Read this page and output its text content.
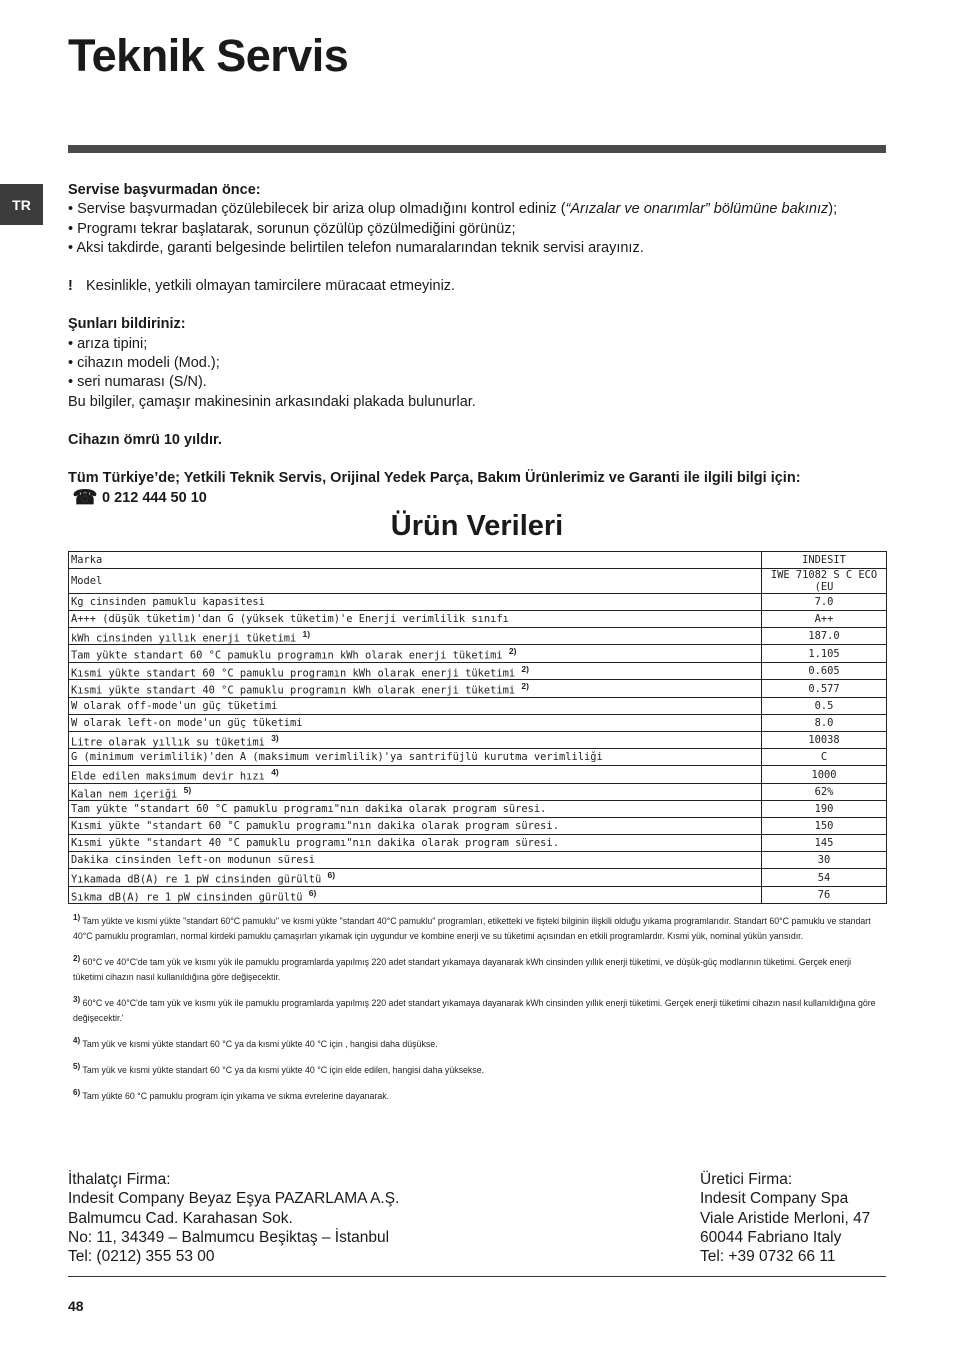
Teknik Servis
TR

Servise başvurmadan önce:

• Servise başvurmadan çözülebilecek bir ariza olup olmadığını kontrol ediniz (“Arızalar ve onarımlar” bölümüne bakınız);

• Programı tekrar başlatarak, sorunun çözülüp çözülmediğini görünüz;

• Aksi takdirde, garanti belgesinde belirtilen telefon numaralarından teknik servisi arayınız.

! Kesinlikle, yetkili olmayan tamircilere müracaat etmeyiniz.

Şunları bildiriniz:

• arıza tipini;

• cihazın modeli (Mod.);

• seri numarası (S/N).

Bu bilgiler, çamaşır makinesinin arkasındaki plakada bulunurlar.

Cihazın ömrü 10 yıldır.

Tüm Türkiye’de; Yetkili Teknik Servis, Orijinal Yedek Parça, Bakım Ürünlerimiz ve Garanti ile ilgili bilgi için:

☎ 0 212 444 50 10

Ürün Verileri
Marka	INDESIT
Model	IWE 71082 S C ECO (EU
Kg cinsinden pamuklu kapasitesi	7.0
A+++ (düşük tüketim)'dan G (yüksek tüketim)'e Enerji verimlilik sınıfı	A++
kWh cinsinden yıllık enerji tüketimi $^{1)}$	187.0
Tam yükte standart 60 °C pamuklu programın kWh olarak enerji tüketimi $^{2)}$	1.105
Kısmi yükte standart 60 °C pamuklu programın kWh olarak enerji tüketimi $^{2)}$	0.605
Kısmi yükte standart 40 °C pamuklu programın kWh olarak enerji tüketimi $^{2)}$	0.577
W olarak off-mode'un güç tüketimi	0.5
W olarak left-on mode'un güç tüketimi	8.0
Litre olarak yıllık su tüketimi $^{3)}$	10038
G (minimum verimlilik)'den A (maksimum verimlilik)'ya santrifüjlü kurutma verimliliği	C
Elde edilen maksimum devir hızı $^{4)}$	1000
Kalan nem içeriği $^{5)}$	62%
Tam yükte "standart 60 °C pamuklu programı"nın dakika olarak program süresi.	190
Kısmi yükte "standart 60 °C pamuklu programı"nın dakika olarak program süresi.	150
Kısmi yükte "standart 40 °C pamuklu programı"nın dakika olarak program süresi.	145
Dakika cinsinden left-on modunun süresi	30
Yıkamada dB(A) re 1 pW cinsinden gürültü $^{6)}$	54
Sıkma dB(A) re 1 pW cinsinden gürültü $^{6)}$	76

$^{1)}$ Tam yükte ve kısmi yükte "standart 60°C pamuklu" ve kısmi yükte "standart 40°C pamuklu" programları, etiketteki ve fişteki bilginin ilişkili olduğu yıkama programlarıdır. Standart 60°C pamuklu ve standart 40°C pamuklu programları, normal kirdeki pamuklu çamaşırları yıkamak için uygundur ve kombine enerji ve su tüketimi açısından en etkili programlardır. Kısmi yük, nominal yükün yarısıdır.

$^{2)}$ 60°C ve 40°C'de tam yük ve kısmı yük ile pamuklu programlarda yapılmış 220 adet standart yıkamaya dayanarak kWh cinsinden yıllık enerji tüketimi, ve düşük-güç modlarının tüketimi. Gerçek enerji tüketimi cihazın nasıl kullanıldığına göre değişecektir.

$^{3)}$ 60°C ve 40°C'de tam yük ve kısmı yük ile pamuklu programlarda yapılmış 220 adet standart yıkamaya dayanarak kWh cinsinden yıllık enerji tüketimi. Gerçek enerji tüketimi cihazın nasıl kullanıldığına göre değişecektir.'

$^{4)}$ Tam yük ve kısmi yükte standart 60 °C ya da kısmi yükte 40 °C için , hangisi daha düşükse.

$^{5)}$ Tam yük ve kısmi yükte standart 60 °C ya da kısmi yükte 40 °C için elde edilen, hangisi daha yüksekse.

$^{6)}$ Tam yükte 60 °C pamuklu program için yıkama ve sıkma evrelerine dayanarak.

İthalatçı Firma:

Indesit Company Beyaz Eşya PAZARLAMA A.Ş.

Balmumcu Cad. Karahasan Sok.

No: 11, 34349 – Balmumcu Beşiktaş – İstanbul

Tel: (0212) 355 53 00

Üretici Firma:

Indesit Company Spa

Viale Aristide Merloni, 47

60044 Fabriano Italy

Tel: +39 0732 66 11

48
